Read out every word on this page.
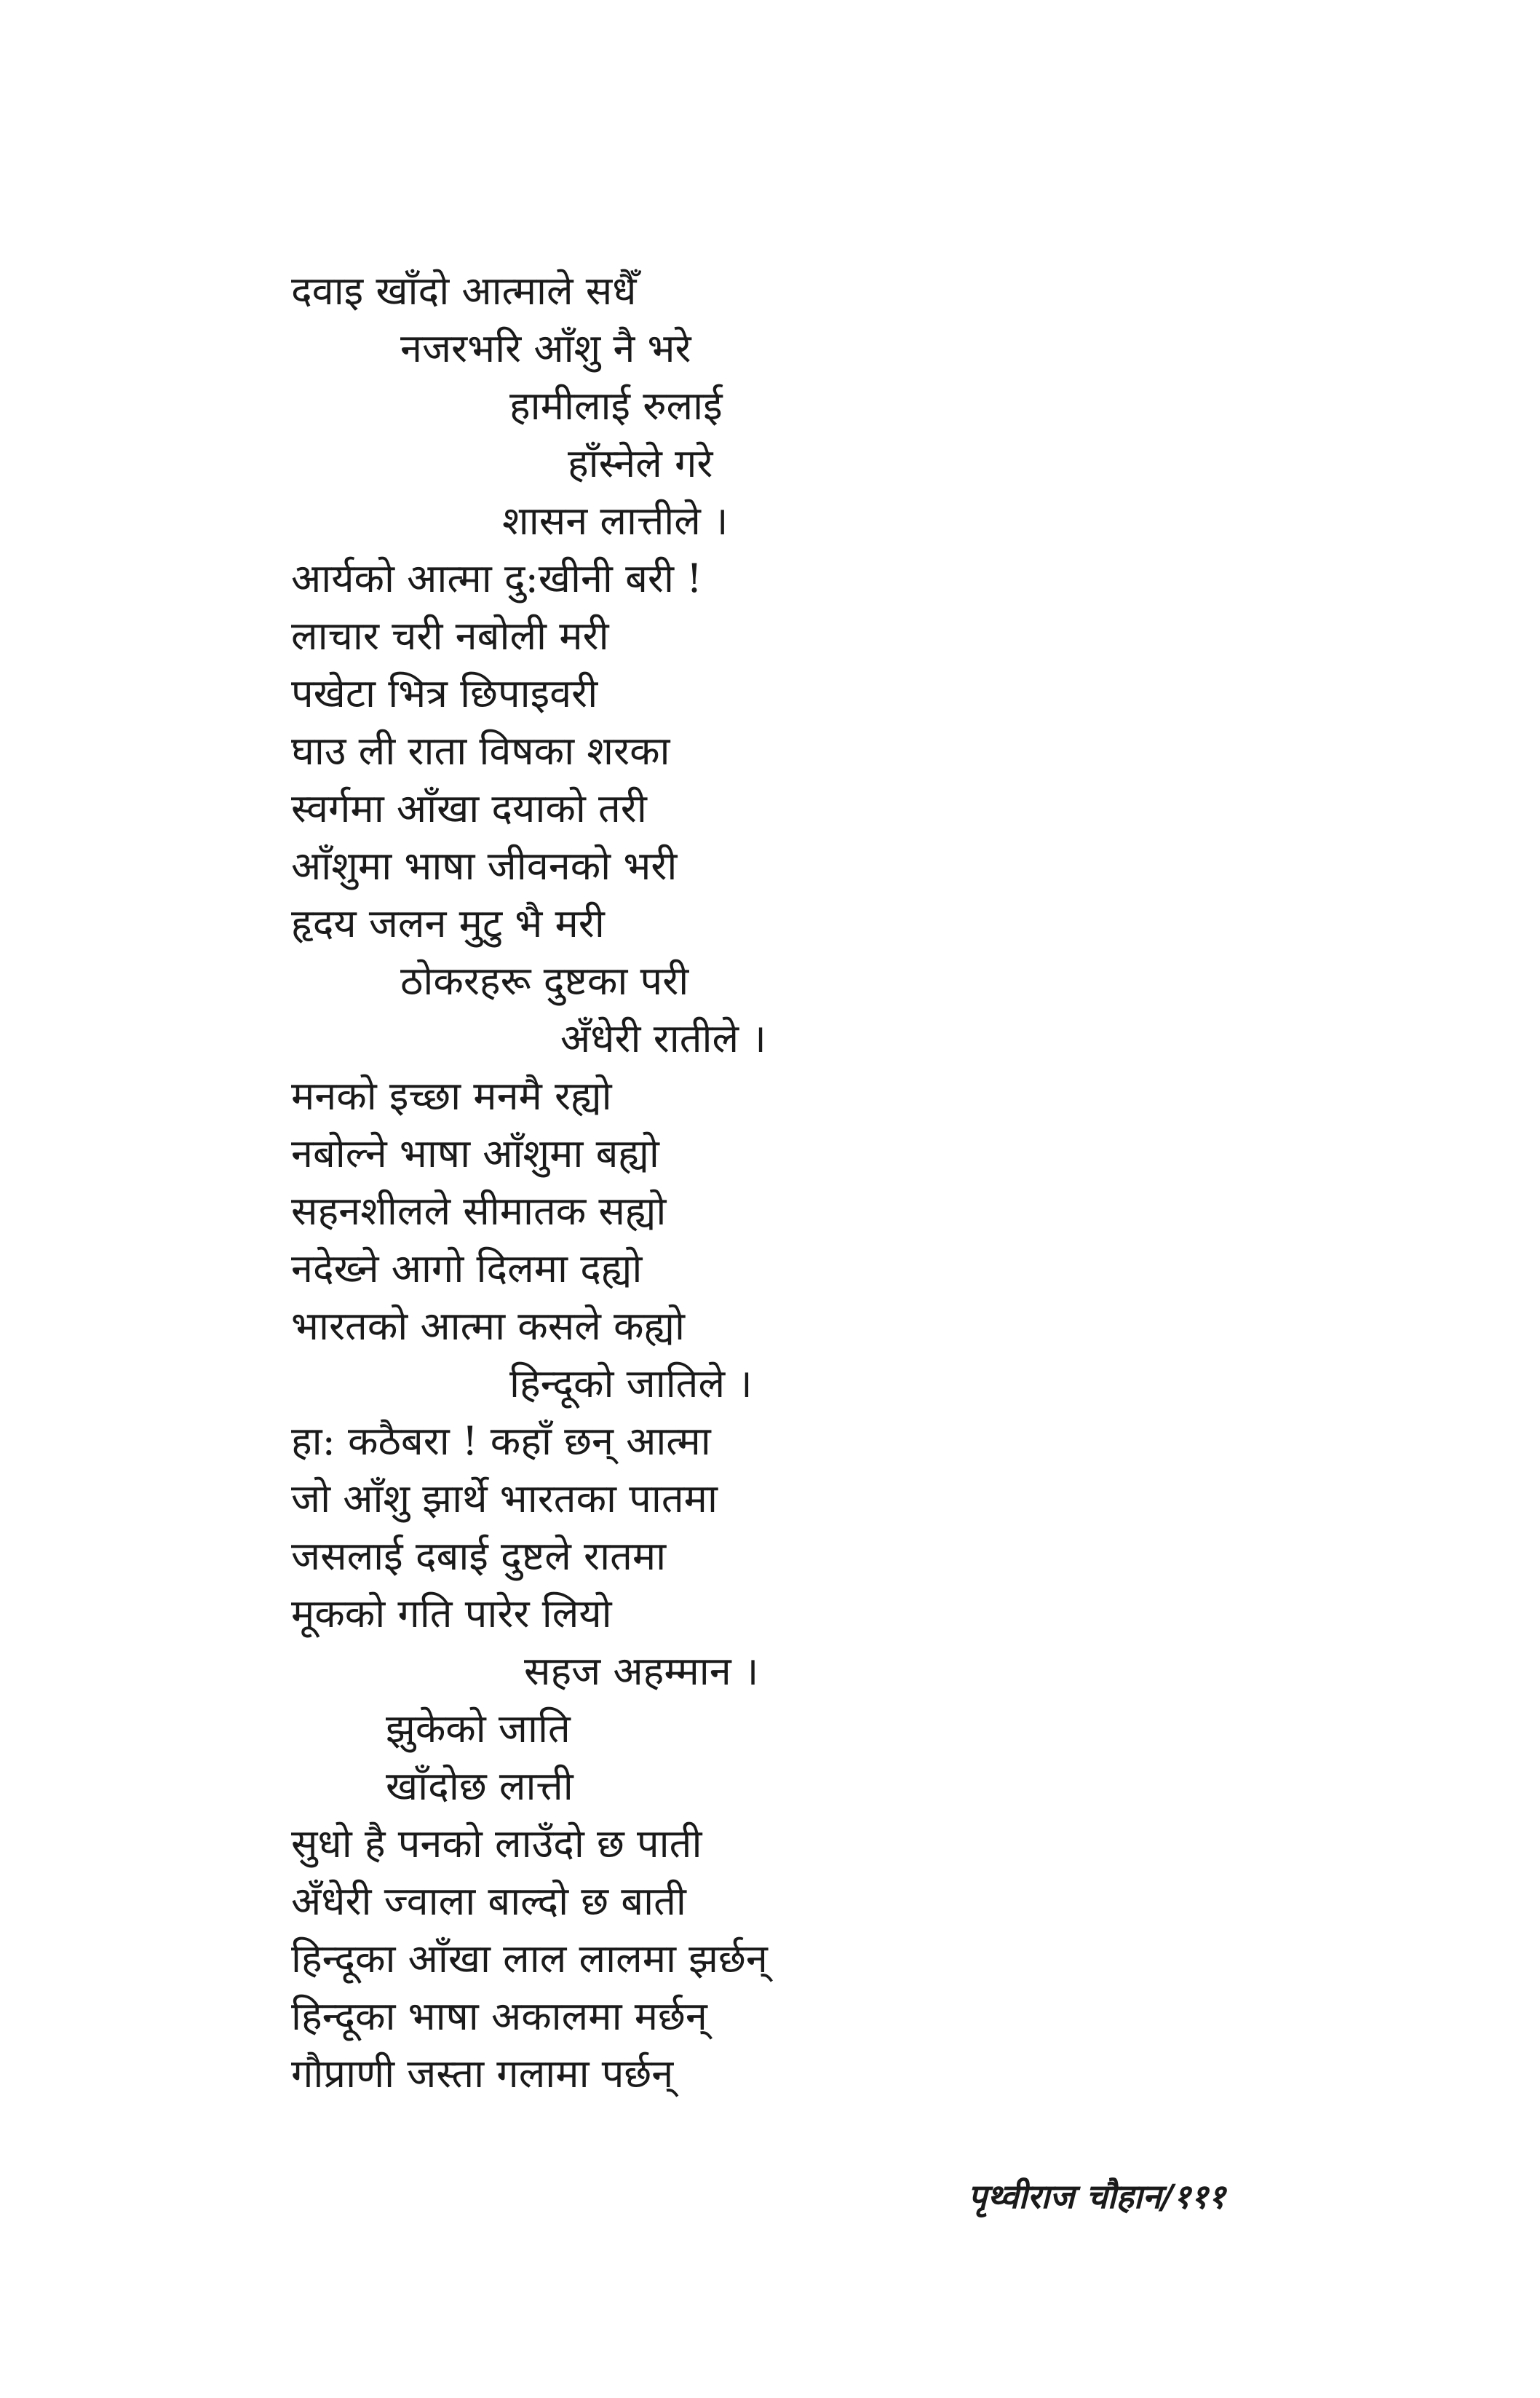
दवाइ खाँदो आत्माले सधैँ
नजरभरि आँशु नै भरे
हामीलाई रुलाई
हाँस्नेले गरे
शासन लात्तीले ।
आर्यको आत्मा दु:खीनी बरी !
लाचार चरी नबोली मरी
पखेटा भित्र छिपाइवरी
घाउ ली राता विषका शरका
स्वर्गमा आँखा दयाको तरी
आँशुमा भाषा जीवनको भरी
हृदय जलन मुटु भै मरी
ठोकरहरू दुष्टका परी
अँधेरी रातीले ।
मनको इच्छा मनमै रह्यो
नबोल्ने भाषा आँशुमा बह्यो
सहनशीलले सीमातक सह्यो
नदेख्ने आगो दिलमा दह्यो
भारतको आत्मा कसले कह्यो
हिन्दूको जातिले ।
हा: कठैबरा ! कहाँ छन् आत्मा
जो आँशु झार्थे भारतका पातमा
जसलाई दबाई दुष्टले रातमा
मूकको गति पारेर लियो
सहज अहम्मान ।
झुकेको जाति
खाँदोछ लात्ती
सुधो है पनको लाउँदो छ पाती
अँधेरी ज्वाला बाल्दो छ बाती
हिन्दूका आँखा लाल लालमा झर्छन्
हिन्दूका भाषा अकालमा मर्छन्
गौप्राणी जस्ता गलामा पर्छन्
पृथ्वीराज चौहान/१११
